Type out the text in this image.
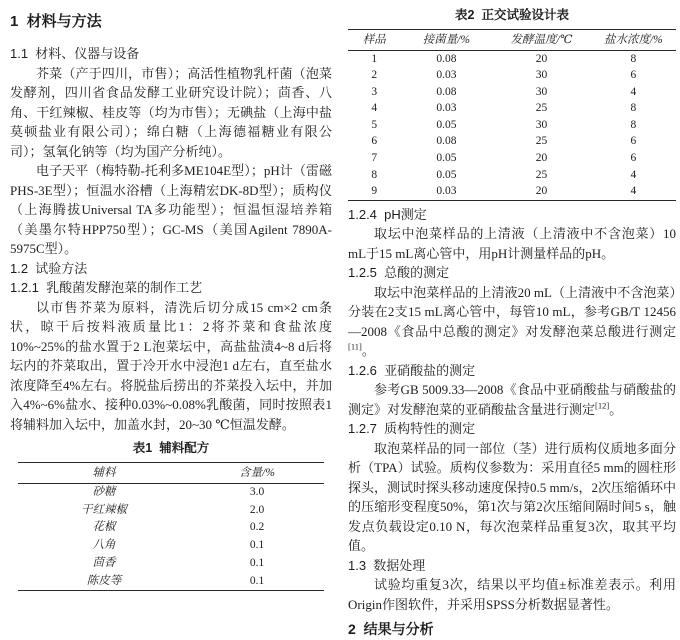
1  材料与方法
1.1  材料、仪器与设备

芥菜（产于四川，市售）；高活性植物乳杆菌（泡菜发酵剂，四川省食品发酵工业研究设计院）；茴香、八角、干红辣椒、桂皮等（均为市售）；无碘盐（上海中盐莫顿盐业有限公司）；绵白糖（上海德福糖业有限公司）；氢氧化钠等（均为国产分析纯）。

电子天平（梅特勒-托利多ME104E型）；pH计（雷磁PHS-3E型）；恒温水浴槽（上海精宏DK-8D型）；质构仪（上海腾拔Universal TA多功能型）；恒温恒湿培养箱（美墨尔特HPP750型）；GC-MS（美国Agilent 7890A-5975C型）。

1.2  试验方法
1.2.1  乳酸菌发酵泡菜的制作工艺

以市售芥菜为原料，清洗后切分成15 cm×2 cm条状，晾干后按料液质量比1：2将芥菜和食盐浓度10%~25%的盐水置于2 L泡菜坛中，高盐盐渍4~8 d后将坛内的芥菜取出，置于冷开水中浸泡1 d左右，直至盐水浓度降至4%左右。将脱盐后捞出的芥菜投入坛中，并加入4%~6%盐水、接种0.03%~0.08%乳酸菌，同时按照表1将辅料加入坛中，加盖水封，20~30 ℃恒温发酵。

表1  辅料配方
辅料	含量/%
砂糖	3.0
干红辣椒	2.0
花椒	0.2
八角	0.1
茴香	0.1
陈皮等	0.1
表2  正交试验设计表
样品	接菌量/%	发酵温度/℃	盐水浓度/%
1	0.08	20	8
2	0.03	30	6
3	0.08	30	4
4	0.03	25	8
5	0.05	30	8
6	0.08	25	6
7	0.05	20	6
8	0.05	25	4
9	0.03	20	4
1.2.4  pH测定

取坛中泡菜样品的上清液（上清液中不含泡菜）10 mL于15 mL离心管中，用pH计测量样品的pH。

1.2.5  总酸的测定

取坛中泡菜样品的上清液20 mL（上清液中不含泡菜）分装在2支15 mL离心管中，每管10 mL，参考GB/T 12456—2008《食品中总酸的测定》对发酵泡菜总酸进行测定[11]。

1.2.6  亚硝酸盐的测定

参考GB 5009.33—2008《食品中亚硝酸盐与硝酸盐的测定》对发酵泡菜的亚硝酸盐含量进行测定[12]。

1.2.7  质构特性的测定

取泡菜样品的同一部位（茎）进行质构仪质地多面分析（TPA）试验。质构仪参数为：采用直径5 mm的圆柱形探头，测试时探头移动速度保持0.5 mm/s，2次压缩循环中的压缩形变程度50%，第1次与第2次压缩间隔时间5 s，触发点负载设定0.10 N，每次泡菜样品重复3次，取其平均值。

1.3  数据处理

试验均重复3次，结果以平均值±标准差表示。利用Origin作图软件，并采用SPSS分析数据显著性。

2  结果与分析
